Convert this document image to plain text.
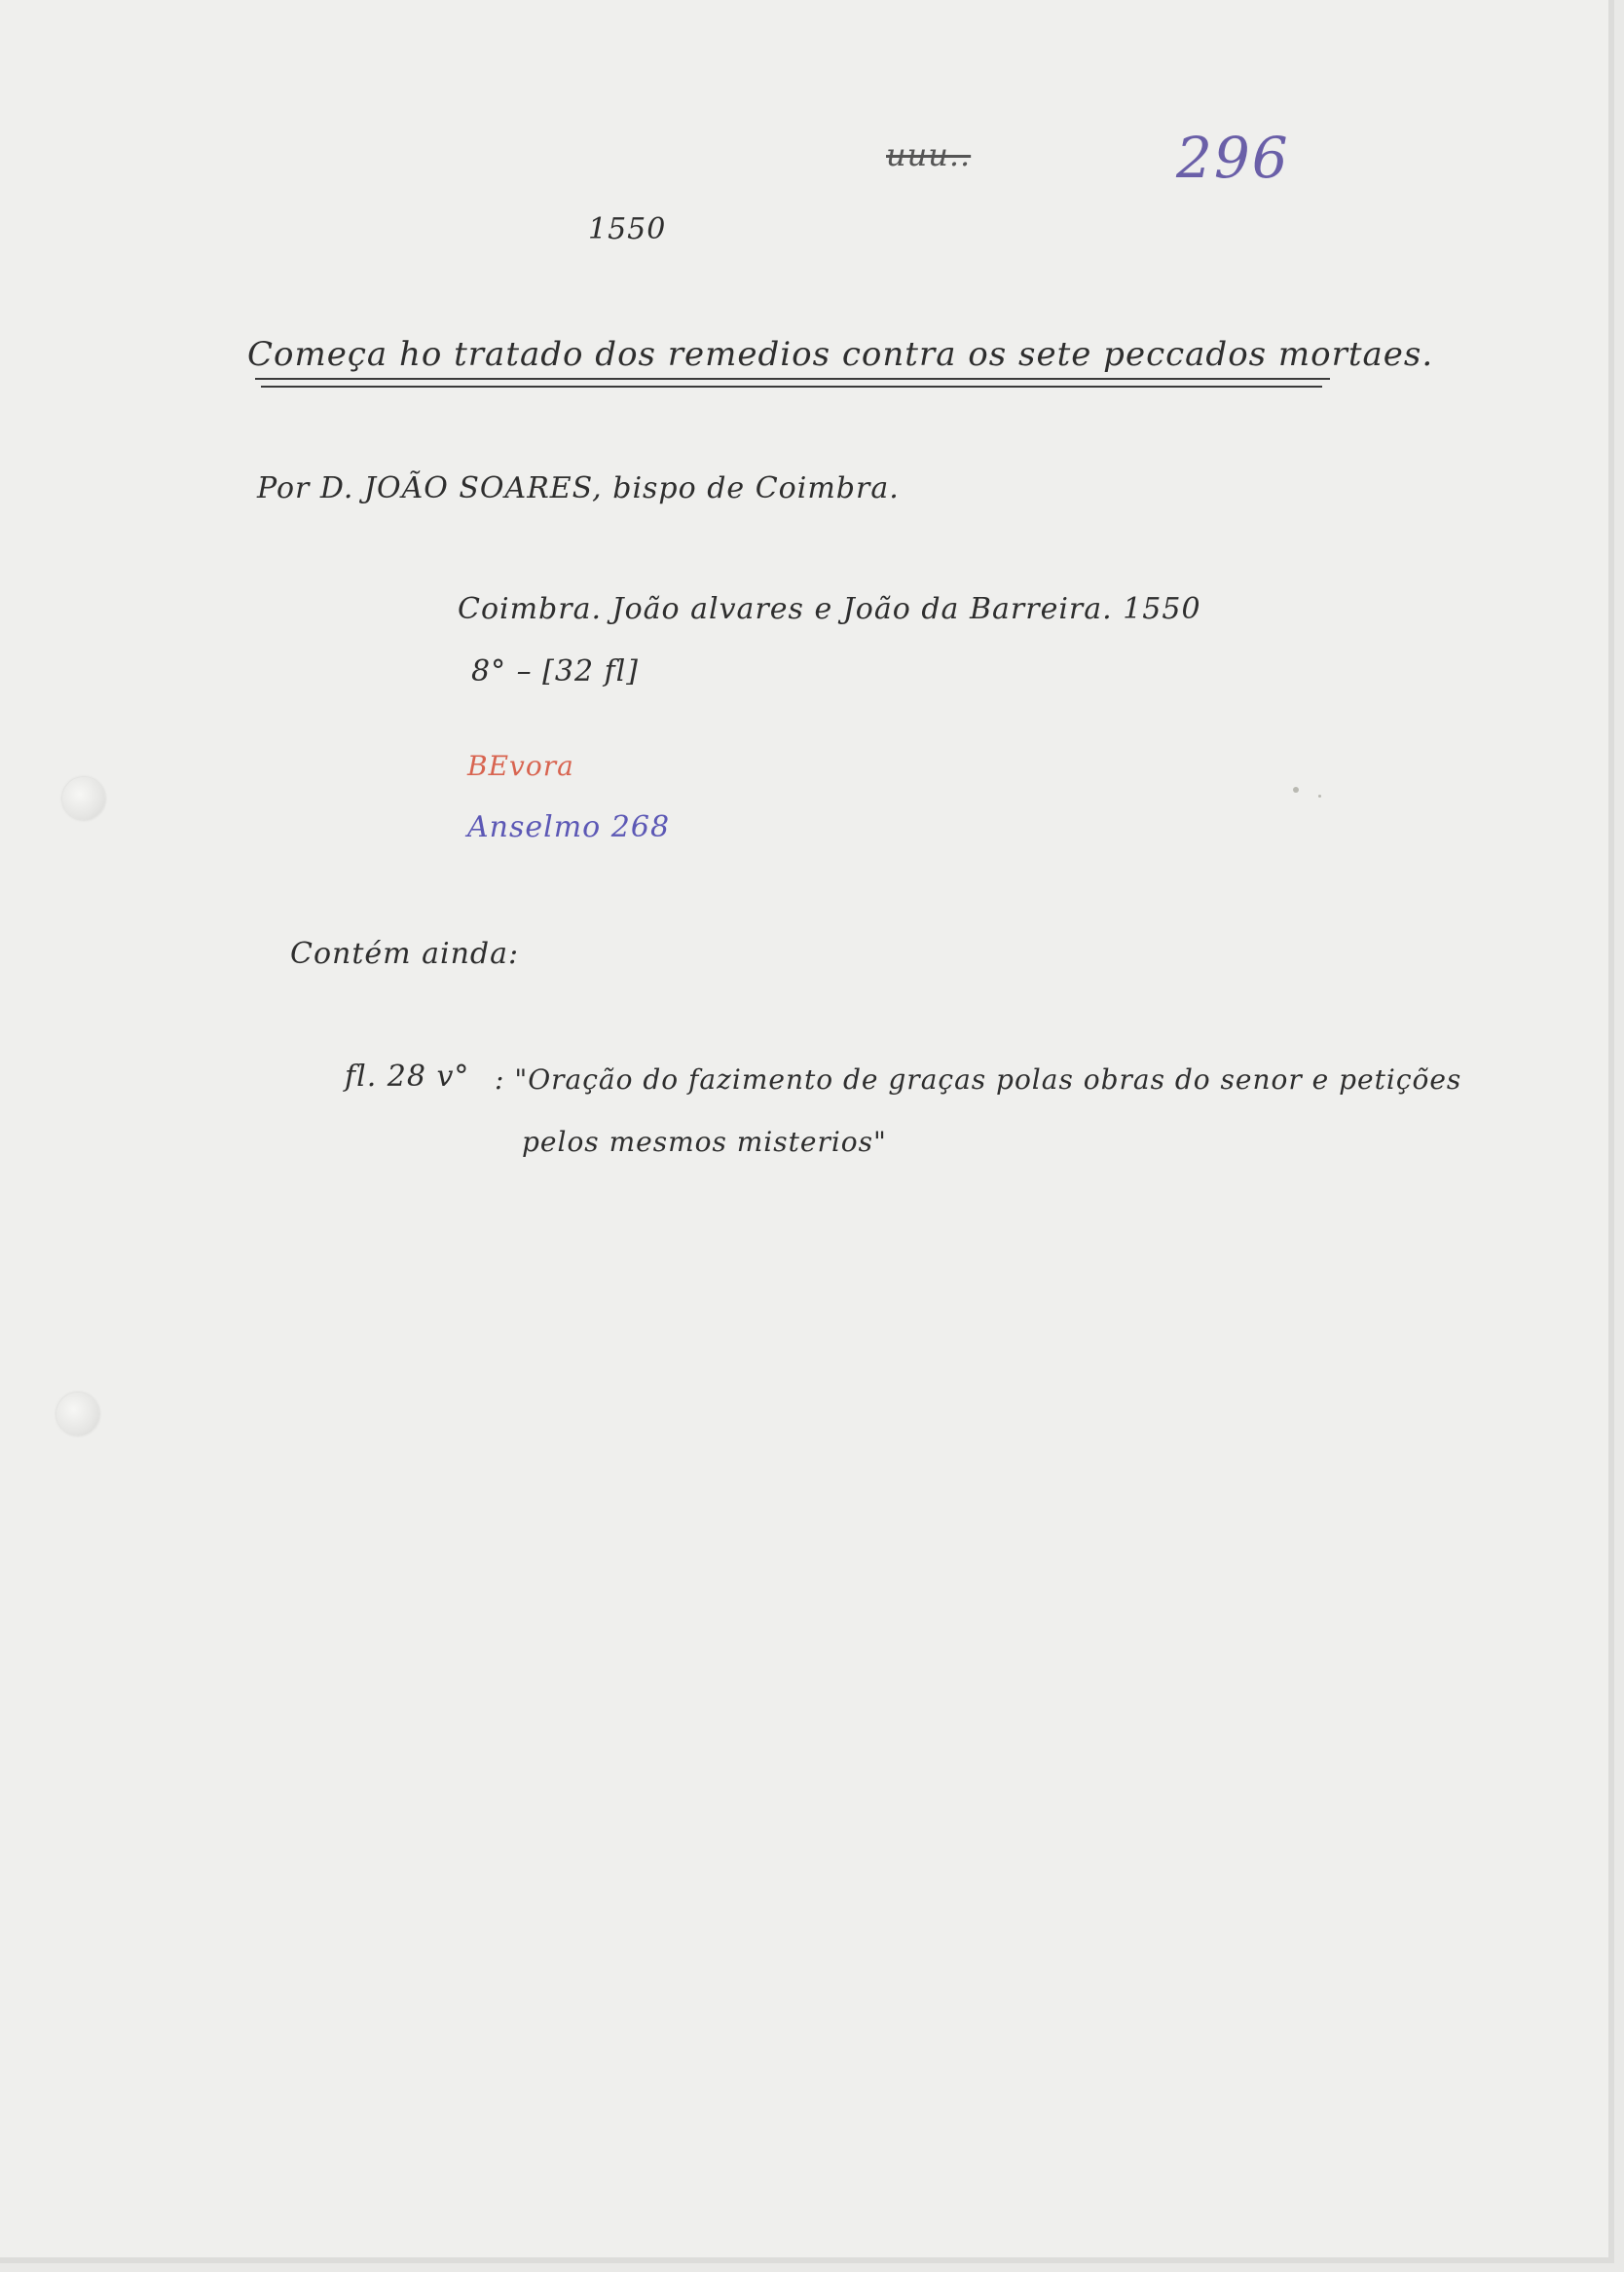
uuu..	296
1550
Começa ho tratado dos remedios contra os sete peccados mortaes.
Por D. JOÃO SOARES, bispo de Coimbra.
Coimbra. João alvares e João da Barreira. 1550
8° – [32 fl]
BEvora
Anselmo 268
Contém ainda:
fl. 28 v° : "Oração do fazimento de graças polas obras do senor e petições
pelos mesmos misterios"
